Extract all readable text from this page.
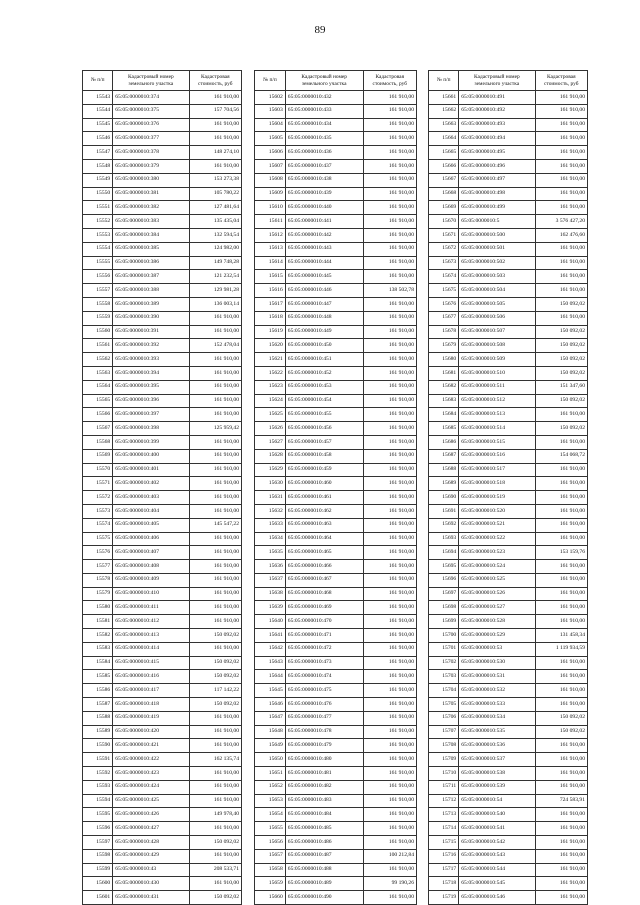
89
№ п/п	Кадастровый номер земельного участка	Кадастровая стоимость, руб
15543	65:05:0000010:374	161 910,00
15544	65:05:0000010:375	157 704,56
15545	65:05:0000010:376	161 910,00
15546	65:05:0000010:377	161 910,00
15547	65:05:0000010:378	148 274,10
15548	65:05:0000010:379	161 910,00
15549	65:05:0000010:380	153 273,38
15550	65:05:0000010:381	105 780,22
15551	65:05:0000010:382	127 481,64
15552	65:05:0000010:383	135 435,04
15553	65:05:0000010:384	132 594,54
15554	65:05:0000010:385	124 982,00
15555	65:05:0000010:386	149 748,28
15556	65:05:0000010:387	121 232,54
15557	65:05:0000010:388	129 981,28
15558	65:05:0000010:389	136 003,14
15559	65:05:0000010:390	161 910,00
15560	65:05:0000010:391	161 910,00
15561	65:05:0000010:392	152 478,04
15562	65:05:0000010:393	161 910,00
15563	65:05:0000010:394	161 910,00
15564	65:05:0000010:395	161 910,00
15565	65:05:0000010:396	161 910,00
15566	65:05:0000010:397	161 910,00
15567	65:05:0000010:398	125 959,42
15568	65:05:0000010:399	161 910,00
15569	65:05:0000010:400	161 910,00
15570	65:05:0000010:401	161 910,00
15571	65:05:0000010:402	161 910,00
15572	65:05:0000010:403	161 910,00
15573	65:05:0000010:404	161 910,00
15574	65:05:0000010:405	145 547,22
15575	65:05:0000010:406	161 910,00
15576	65:05:0000010:407	161 910,00
15577	65:05:0000010:408	161 910,00
15578	65:05:0000010:409	161 910,00
15579	65:05:0000010:410	161 910,00
15580	65:05:0000010:411	161 910,00
15581	65:05:0000010:412	161 910,00
15582	65:05:0000010:413	150 092,02
15583	65:05:0000010:414	161 910,00
15584	65:05:0000010:415	150 092,02
15585	65:05:0000010:416	150 092,02
15586	65:05:0000010:417	117 142,22
15587	65:05:0000010:418	150 092,02
15588	65:05:0000010:419	161 910,00
15589	65:05:0000010:420	161 910,00
15590	65:05:0000010:421	161 910,00
15591	65:05:0000010:422	162 135,74
15592	65:05:0000010:423	161 910,00
15593	65:05:0000010:424	161 910,00
15594	65:05:0000010:425	161 910,00
15595	65:05:0000010:426	149 978,40
15596	65:05:0000010:427	161 910,00
15597	65:05:0000010:428	150 092,02
15598	65:05:0000010:429	161 910,00
15599	65:05:0000010:43	208 533,71
15600	65:05:0000010:430	161 910,00
15601	65:05:0000010:431	150 092,02
№ п/п	Кадастровый номер земельного участка	Кадастровая стоимость, руб
15602	65:05:0000010:432	161 910,00
15603	65:05:0000010:433	161 910,00
15604	65:05:0000010:434	161 910,00
15605	65:05:0000010:435	161 910,00
15606	65:05:0000010:436	161 910,00
15607	65:05:0000010:437	161 910,00
15608	65:05:0000010:438	161 910,00
15609	65:05:0000010:439	161 910,00
15610	65:05:0000010:440	161 910,00
15611	65:05:0000010:441	161 910,00
15612	65:05:0000010:442	161 910,00
15613	65:05:0000010:443	161 910,00
15614	65:05:0000010:444	161 910,00
15615	65:05:0000010:445	161 910,00
15616	65:05:0000010:446	138 502,78
15617	65:05:0000010:447	161 910,00
15618	65:05:0000010:448	161 910,00
15619	65:05:0000010:449	161 910,00
15620	65:05:0000010:450	161 910,00
15621	65:05:0000010:451	161 910,00
15622	65:05:0000010:452	161 910,00
15623	65:05:0000010:453	161 910,00
15624	65:05:0000010:454	161 910,00
15625	65:05:0000010:455	161 910,00
15626	65:05:0000010:456	161 910,00
15627	65:05:0000010:457	161 910,00
15628	65:05:0000010:458	161 910,00
15629	65:05:0000010:459	161 910,00
15630	65:05:0000010:460	161 910,00
15631	65:05:0000010:461	161 910,00
15632	65:05:0000010:462	161 910,00
15633	65:05:0000010:463	161 910,00
15634	65:05:0000010:464	161 910,00
15635	65:05:0000010:465	161 910,00
15636	65:05:0000010:466	161 910,00
15637	65:05:0000010:467	161 910,00
15638	65:05:0000010:468	161 910,00
15639	65:05:0000010:469	161 910,00
15640	65:05:0000010:470	161 910,00
15641	65:05:0000010:471	161 910,00
15642	65:05:0000010:472	161 910,00
15643	65:05:0000010:473	161 910,00
15644	65:05:0000010:474	161 910,00
15645	65:05:0000010:475	161 910,00
15646	65:05:0000010:476	161 910,00
15647	65:05:0000010:477	161 910,00
15648	65:05:0000010:478	161 910,00
15649	65:05:0000010:479	161 910,00
15650	65:05:0000010:480	161 910,00
15651	65:05:0000010:481	161 910,00
15652	65:05:0000010:482	161 910,00
15653	65:05:0000010:483	161 910,00
15654	65:05:0000010:484	161 910,00
15655	65:05:0000010:485	161 910,00
15656	65:05:0000010:486	161 910,00
15657	65:05:0000010:487	100 212,84
15658	65:05:0000010:488	161 910,00
15659	65:05:0000010:489	99 190,26
15660	65:05:0000010:490	161 910,00
№ п/п	Кадастровый номер земельного участка	Кадастровая стоимость, руб
15661	65:05:0000010:491	161 910,00
15662	65:05:0000010:492	161 910,00
15663	65:05:0000010:493	161 910,00
15664	65:05:0000010:494	161 910,00
15665	65:05:0000010:495	161 910,00
15666	65:05:0000010:496	161 910,00
15667	65:05:0000010:497	161 910,00
15668	65:05:0000010:498	161 910,00
15669	65:05:0000010:499	161 910,00
15670	65:05:0000010:5	3 576 427,20
15671	65:05:0000010:500	162 476,60
15672	65:05:0000010:501	161 910,00
15673	65:05:0000010:502	161 910,00
15674	65:05:0000010:503	161 910,00
15675	65:05:0000010:504	161 910,00
15676	65:05:0000010:505	150 092,02
15677	65:05:0000010:506	161 910,00
15678	65:05:0000010:507	150 092,02
15679	65:05:0000010:508	150 092,02
15680	65:05:0000010:509	150 092,02
15681	65:05:0000010:510	150 092,02
15682	65:05:0000010:511	151 347,60
15683	65:05:0000010:512	150 092,02
15684	65:05:0000010:513	161 910,00
15685	65:05:0000010:514	150 092,02
15686	65:05:0000010:515	161 910,00
15687	65:05:0000010:516	154 068,72
15688	65:05:0000010:517	161 910,00
15689	65:05:0000010:518	161 910,00
15690	65:05:0000010:519	161 910,00
15691	65:05:0000010:520	161 910,00
15692	65:05:0000010:521	161 910,00
15693	65:05:0000010:522	161 910,00
15694	65:05:0000010:523	153 159,76
15695	65:05:0000010:524	161 910,00
15696	65:05:0000010:525	161 910,00
15697	65:05:0000010:526	161 910,00
15698	65:05:0000010:527	161 910,00
15699	65:05:0000010:528	161 910,00
15700	65:05:0000010:529	131 458,34
15701	65:05:0000010:53	1 119 934,59
15702	65:05:0000010:530	161 910,00
15703	65:05:0000010:531	161 910,00
15704	65:05:0000010:532	161 910,00
15705	65:05:0000010:533	161 910,00
15706	65:05:0000010:534	150 092,02
15707	65:05:0000010:535	150 092,02
15708	65:05:0000010:536	161 910,00
15709	65:05:0000010:537	161 910,00
15710	65:05:0000010:538	161 910,00
15711	65:05:0000010:539	161 910,00
15712	65:05:0000010:54	724 583,91
15713	65:05:0000010:540	161 910,00
15714	65:05:0000010:541	161 910,00
15715	65:05:0000010:542	161 910,00
15716	65:05:0000010:543	161 910,00
15717	65:05:0000010:544	161 910,00
15718	65:05:0000010:545	161 910,00
15719	65:05:0000010:546	161 910,00
